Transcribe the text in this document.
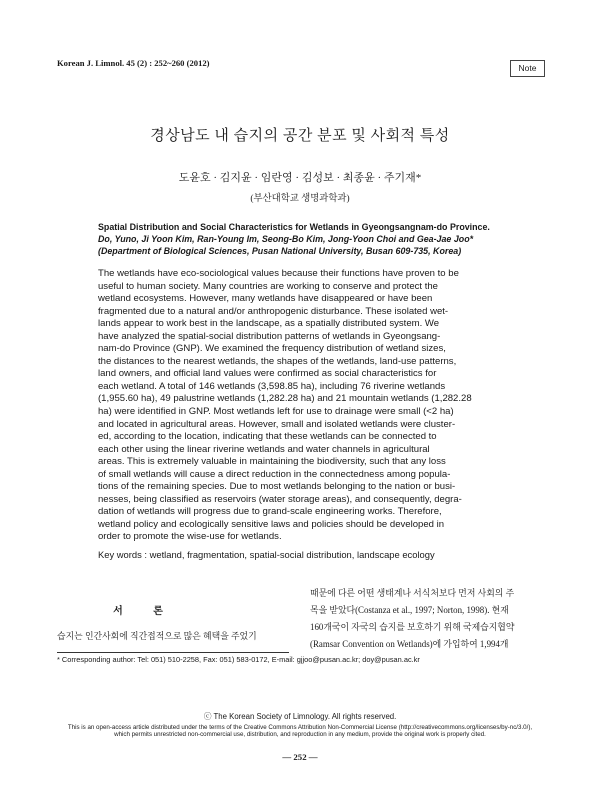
Korean J. Limnol. 45 (2) : 252~260 (2012)	Note
경상남도 내 습지의 공간 분포 및 사회적 특성
도윤호 · 김지윤 · 임란영 · 김성보 · 최종윤 · 주기재*
(부산대학교 생명과학과)
Spatial Distribution and Social Characteristics for Wetlands in Gyeongsangnam-do Province.
Do, Yuno, Ji Yoon Kim, Ran-Young Im, Seong-Bo Kim, Jong-Yoon Choi and Gea-Jae Joo*
(Department of Biological Sciences, Pusan National University, Busan 609-735, Korea)
The wetlands have eco-sociological values because their functions have proven to be
useful to human society. Many countries are working to conserve and protect the
wetland ecosystems. However, many wetlands have disappeared or have been
fragmented due to a natural and/or anthropogenic disturbance. These isolated wet-
lands appear to work best in the landscape, as a spatially distributed system. We
have analyzed the spatial-social distribution patterns of wetlands in Gyeongsang-
nam-do Province (GNP). We examined the frequency distribution of wetland sizes,
the distances to the nearest wetlands, the shapes of the wetlands, land-use patterns,
land owners, and official land values were confirmed as social characteristics for
each wetland. A total of 146 wetlands (3,598.85 ha), including 76 riverine wetlands
(1,955.60 ha), 49 palustrine wetlands (1,282.28 ha) and 21 mountain wetlands (1,282.28
ha) were identified in GNP. Most wetlands left for use to drainage were small (<2 ha)
and located in agricultural areas. However, small and isolated wetlands were cluster-
ed, according to the location, indicating that these wetlands can be connected to
each other using the linear riverine wetlands and water channels in agricultural
areas. This is extremely valuable in maintaining the biodiversity, such that any loss
of small wetlands will cause a direct reduction in the connectedness among popula-
tions of the remaining species. Due to most wetlands belonging to the nation or busi-
nesses, being classified as reservoirs (water storage areas), and consequently, degra-
dation of wetlands will progress due to grand-scale engineering works. Therefore,
wetland policy and ecologically sensitive laws and policies should be developed in
order to promote the wise-use for wetlands.
Key words : wetland, fragmentation, spatial-social distribution, landscape ecology
서 론
습지는 인간사회에 직간접적으로 많은 혜택을 주었기
때문에 다른 어떤 생태계나 서식처보다 먼저 사회의 주
목을 받았다(Costanza et al., 1997; Norton, 1998). 현재
160개국이 자국의 습지를 보호하기 위해 국제습지협약
(Ramsar Convention on Wetlands)에 가입하여 1,994개
* Corresponding author: Tel: 051) 510-2258, Fax: 051) 583-0172, E-mail: gjjoo@pusan.ac.kr; doy@pusan.ac.kr
ⓒ The Korean Society of Limnology. All rights reserved.
This is an open-access article distributed under the terms of the Creative Commons Attribution Non-Commercial License (http://creativecommons.org/licenses/by-nc/3.0/),
which permits unrestricted non-commercial use, distribution, and reproduction in any medium, provide the original work is properly cited.
— 252 —
